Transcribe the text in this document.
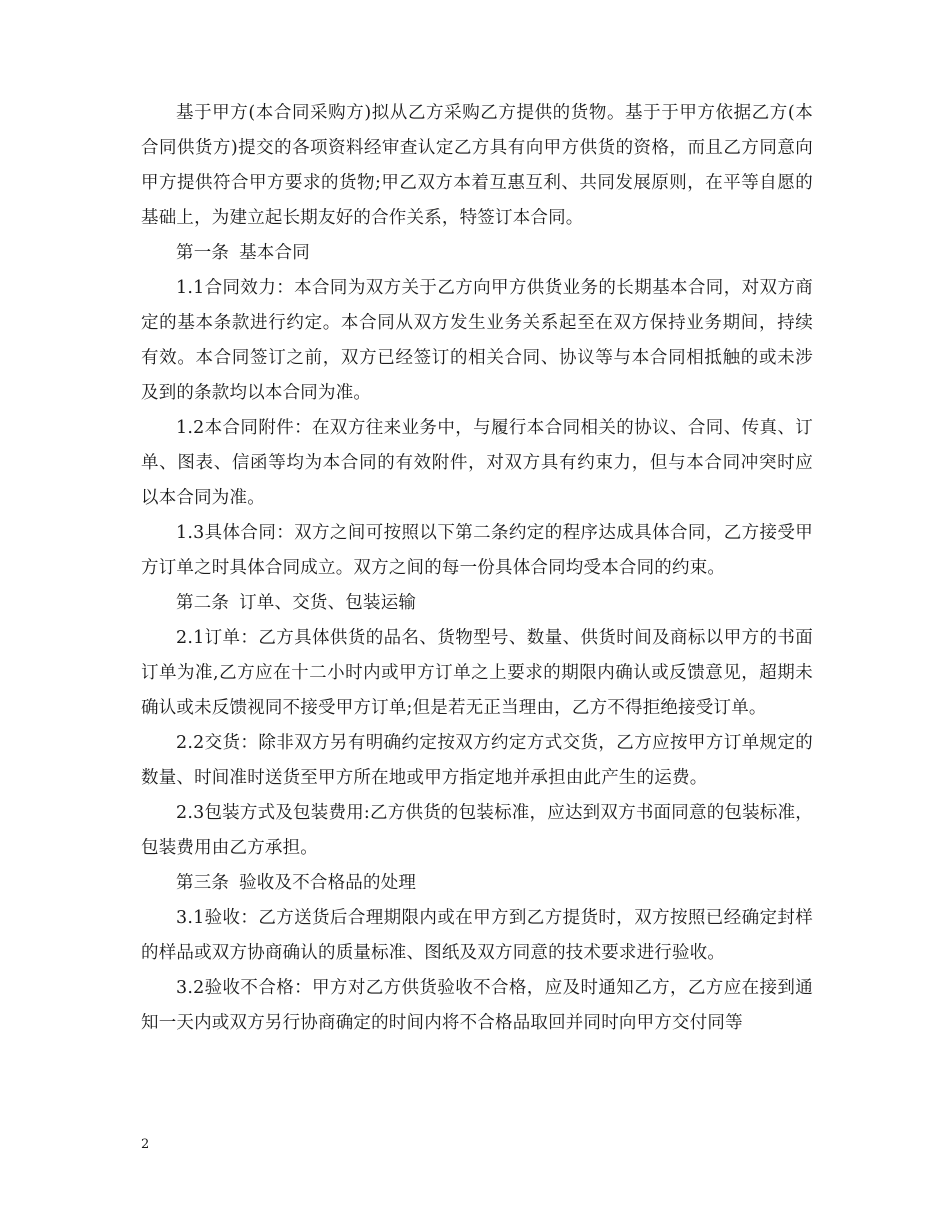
基于甲方(本合同采购方)拟从乙方采购乙方提供的货物。基于于甲方依据乙方(本合同供货方)提交的各项资料经审查认定乙方具有向甲方供货的资格，而且乙方同意向甲方提供符合甲方要求的货物;甲乙双方本着互惠互利、共同发展原则，在平等自愿的基础上，为建立起长期友好的合作关系，特签订本合同。

第一条 基本合同

1.1合同效力：本合同为双方关于乙方向甲方供货业务的长期基本合同，对双方商定的基本条款进行约定。本合同从双方发生业务关系起至在双方保持业务期间，持续有效。本合同签订之前，双方已经签订的相关合同、协议等与本合同相抵触的或未涉及到的条款均以本合同为准。

1.2本合同附件：在双方往来业务中，与履行本合同相关的协议、合同、传真、订单、图表、信函等均为本合同的有效附件，对双方具有约束力，但与本合同冲突时应以本合同为准。

1.3具体合同：双方之间可按照以下第二条约定的程序达成具体合同，乙方接受甲方订单之时具体合同成立。双方之间的每一份具体合同均受本合同的约束。

第二条 订单、交货、包装运输

2.1订单：乙方具体供货的品名、货物型号、数量、供货时间及商标以甲方的书面订单为准,乙方应在十二小时内或甲方订单之上要求的期限内确认或反馈意见，超期未确认或未反馈视同不接受甲方订单;但是若无正当理由，乙方不得拒绝接受订单。

2.2交货：除非双方另有明确约定按双方约定方式交货，乙方应按甲方订单规定的数量、时间准时送货至甲方所在地或甲方指定地并承担由此产生的运费。

2.3包装方式及包装费用:乙方供货的包装标准，应达到双方书面同意的包装标准，包装费用由乙方承担。

第三条 验收及不合格品的处理

3.1验收：乙方送货后合理期限内或在甲方到乙方提货时，双方按照已经确定封样的样品或双方协商确认的质量标准、图纸及双方同意的技术要求进行验收。

3.2验收不合格：甲方对乙方供货验收不合格，应及时通知乙方，乙方应在接到通知一天内或双方另行协商确定的时间内将不合格品取回并同时向甲方交付同等

2
